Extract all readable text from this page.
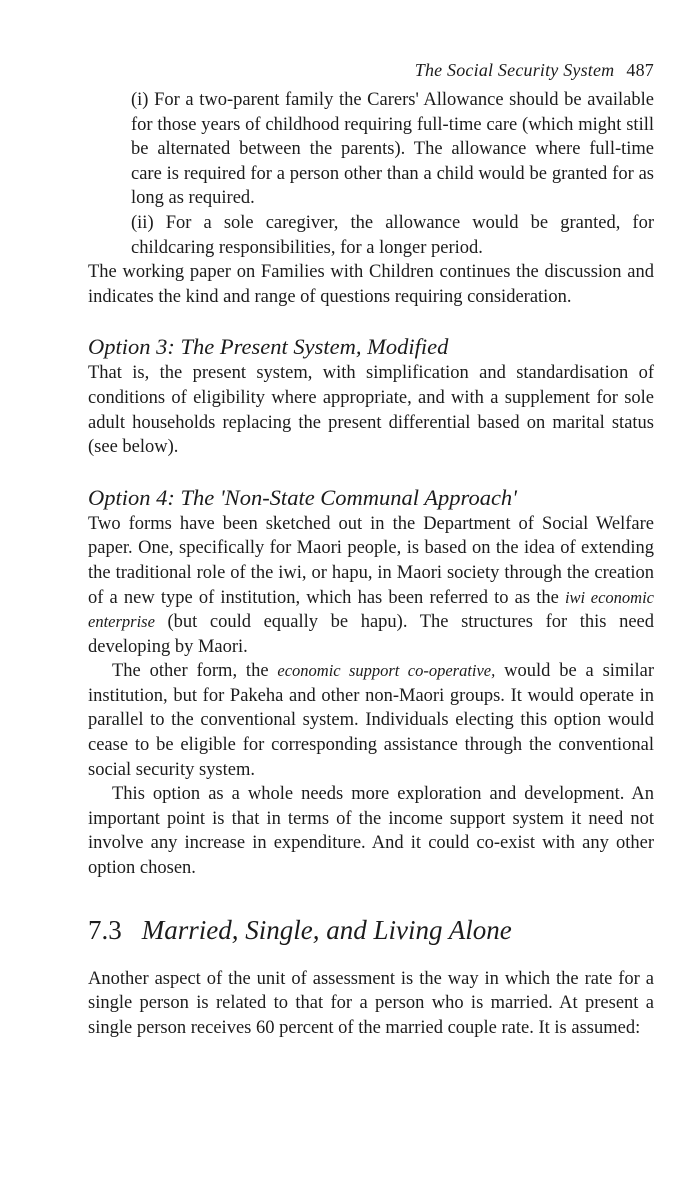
The Social Security System 487

(i) For a two-parent family the Carers' Allowance should be available for those years of childhood requiring full-time care (which might still be alternated between the parents). The allowance where full-time care is required for a person other than a child would be granted for as long as required.

(ii) For a sole caregiver, the allowance would be granted, for childcaring responsibilities, for a longer period.

The working paper on Families with Children continues the discussion and indicates the kind and range of questions requiring consideration.

Option 3: The Present System, Modified

That is, the present system, with simplification and standardisation of conditions of eligibility where appropriate, and with a supplement for sole adult households replacing the present differential based on marital status (see below).

Option 4: The 'Non-State Communal Approach'

Two forms have been sketched out in the Department of Social Welfare paper. One, specifically for Maori people, is based on the idea of extending the traditional role of the iwi, or hapu, in Maori society through the creation of a new type of institution, which has been referred to as the iwi economic enterprise (but could equally be hapu). The structures for this need developing by Maori.

The other form, the economic support co-operative, would be a similar institution, but for Pakeha and other non-Maori groups. It would operate in parallel to the conventional system. Individuals electing this option would cease to be eligible for corresponding assistance through the conventional social security system.

This option as a whole needs more exploration and development. An important point is that in terms of the income support system it need not involve any increase in expenditure. And it could co-exist with any other option chosen.

7.3 Married, Single, and Living Alone

Another aspect of the unit of assessment is the way in which the rate for a single person is related to that for a person who is married. At present a single person receives 60 percent of the married couple rate. It is assumed:
